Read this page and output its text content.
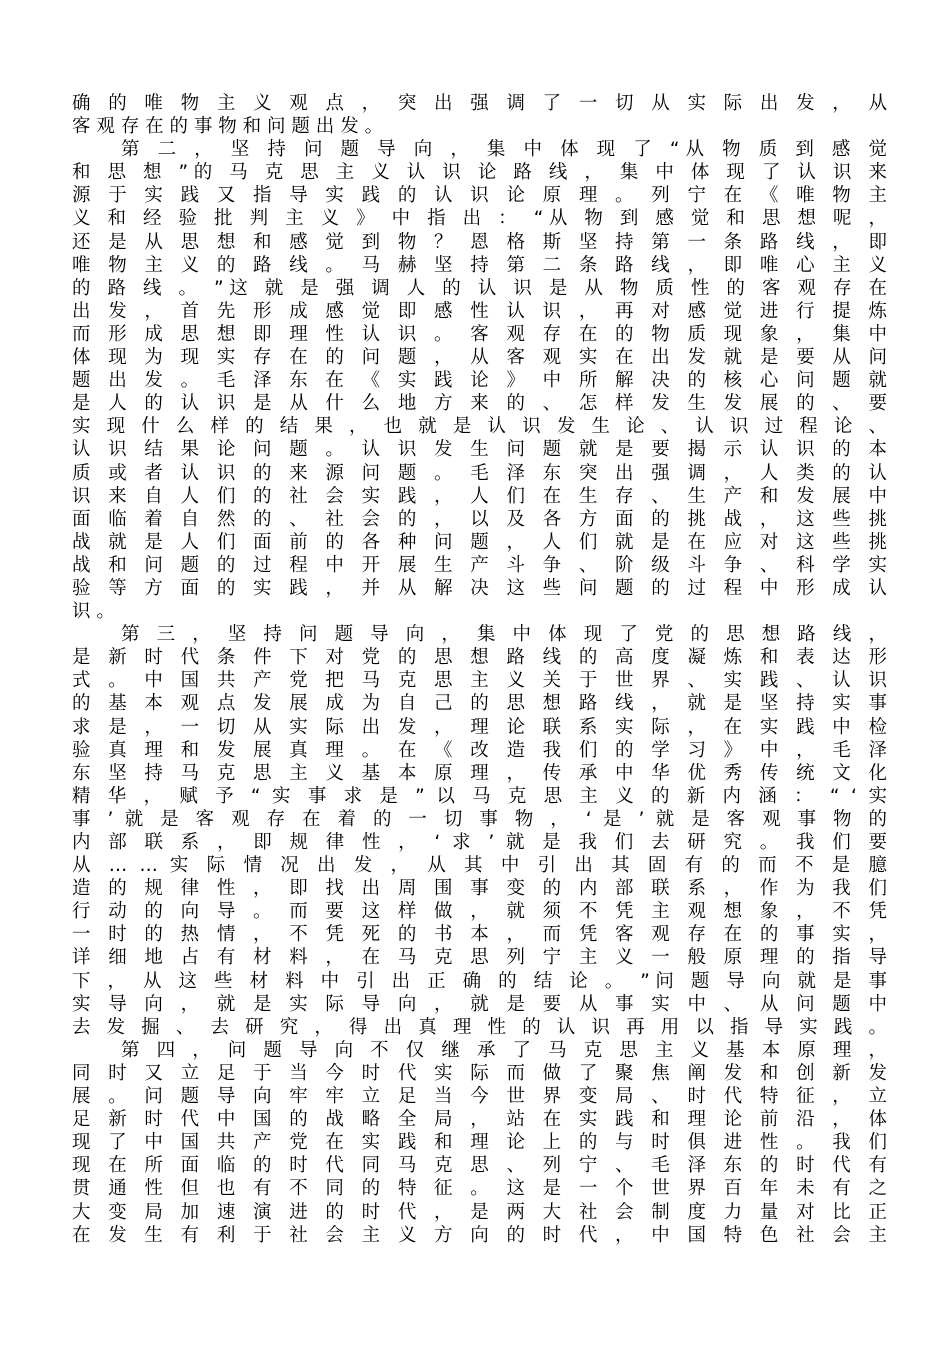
确 的 唯 物 主 义 观 点 ， 突 出 强 调 了 一 切 从 实 际 出 发 ， 从
客 观 存 在 的 事 物 和 问 题 出 发 。
第 二 ， 坚 持 问 题 导 向 ， 集 中 体 现 了 “从 物 质 到 感 觉
和 思 想 ”的 马 克 思 主 义 认 识 论 路 线 ， 集 中 体 现 了 认 识 来
源 于 实 践 又 指 导 实 践 的 认 识 论 原 理 。 列 宁 在 《 唯 物 主
义 和 经 验 批 判 主 义 》 中 指 出 ： “从 物 到 感 觉 和 思 想 呢 ，
还 是 从 思 想 和 感 觉 到 物 ？ 恩 格 斯 坚 持 第 一 条 路 线 ， 即
唯 物 主 义 的 路 线 。 马 赫 坚 持 第 二 条 路 线 ， 即 唯 心 主 义
的 路 线 。 ”这 就 是 强 调 人 的 认 识 是 从 物 质 性 的 客 观 存 在
出 发 ， 首 先 形 成 感 觉 即 感 性 认 识 ， 再 对 感 觉 进 行 提 炼
而 形 成 思 想 即 理 性 认 识 。 客 观 存 在 的 物 质 现 象 ， 集 中
体 现 为 现 实 存 在 的 问 题 ， 从 客 观 实 在 出 发 就 是 要 从 问
题 出 发 。 毛 泽 东 在 《 实 践 论 》 中 所 解 决 的 核 心 问 题 就
是 人 的 认 识 是 从 什 么 地 方 来 的 、 怎 样 发 生 发 展 的 、 要
实 现 什 么 样 的 结 果 ， 也 就 是 认 识 发 生 论 、 认 识 过 程 论 、
认 识 结 果 论 问 题 。 认 识 发 生 问 题 就 是 要 揭 示 认 识 的 本
质 或 者 认 识 的 来 源 问 题 。 毛 泽 东 突 出 强 调 ， 人 类 的 认
识 来 自 人 们 的 社 会 实 践 ， 人 们 在 生 存 、 生 产 和 发 展 中
面 临 着 自 然 的 、 社 会 的 ， 以 及 各 方 面 的 挑 战 ， 这 些 挑
战 就 是 人 们 面 前 的 各 种 问 题 ， 人 们 就 是 在 应 对 这 些 挑
战 和 问 题 的 过 程 中 开 展 生 产 斗 争 、 阶 级 斗 争 、 科 学 实
验 等 方 面 的 实 践 ， 并 从 解 决 这 些 问 题 的 过 程 中 形 成 认
识 。
第 三 ， 坚 持 问 题 导 向 ， 集 中 体 现 了 党 的 思 想 路 线 ，
是 新 时 代 条 件 下 对 党 的 思 想 路 线 的 高 度 凝 炼 和 表 达 形
式 。 中 国 共 产 党 把 马 克 思 主 义 关 于 世 界 、 实 践 、 认 识
的 基 本 观 点 发 展 成 为 自 己 的 思 想 路 线 ， 就 是 坚 持 实 事
求 是 ， 一 切 从 实 际 出 发 ， 理 论 联 系 实 际 ， 在 实 践 中 检
验 真 理 和 发 展 真 理 。 在 《 改 造 我 们 的 学 习 》 中 ， 毛 泽
东 坚 持 马 克 思 主 义 基 本 原 理 ， 传 承 中 华 优 秀 传 统 文 化
精 华 ， 赋 予 “ 实 事 求 是 ” 以 马 克 思 主 义 的 新 内 涵 ： “ ‘ 实
事 ’ 就 是 客 观 存 在 着 的 一 切 事 物 ， ‘ 是 ’ 就 是 客 观 事 物 的
内 部 联 系 ， 即 规 律 性 ， ‘ 求 ’ 就 是 我 们 去 研 究 。 我 们 要
从 … … 实 际 情 况 出 发 ， 从 其 中 引 出 其 固 有 的 而 不 是 臆
造 的 规 律 性 ， 即 找 出 周 围 事 变 的 内 部 联 系 ， 作 为 我 们
行 动 的 向 导 。 而 要 这 样 做 ， 就 须 不 凭 主 观 想 象 ， 不 凭
一 时 的 热 情 ， 不 凭 死 的 书 本 ， 而 凭 客 观 存 在 的 事 实 ，
详 细 地 占 有 材 料 ， 在 马 克 思 列 宁 主 义 一 般 原 理 的 指 导
下 ， 从 这 些 材 料 中 引 出 正 确 的 结 论 。 ”问 题 导 向 就 是 事
实 导 向 ， 就 是 实 际 导 向 ， 就 是 要 从 事 实 中 、 从 问 题 中
去 发 掘 、 去 研 究 ， 得 出 真 理 性 的 认 识 再 用 以 指 导 实 践 。
第 四 ， 问 题 导 向 不 仅 继 承 了 马 克 思 主 义 基 本 原 理 ，
同 时 又 立 足 于 当 今 时 代 实 际 而 做 了 聚 焦 阐 发 和 创 新 发
展 。 问 题 导 向 牢 牢 立 足 当 今 世 界 变 局 、 时 代 特 征 ， 立
足 新 时 代 中 国 的 战 略 全 局 ， 站 在 实 践 和 理 论 前 沿 ， 体
现 了 中 国 共 产 党 在 实 践 和 理 论 上 的 与 时 俱 进 性 。 我 们
现 在 所 面 临 的 时 代 同 马 克 思 、 列 宁 、 毛 泽 东 的 时 代 有
贯 通 性 但 也 有 不 同 的 特 征 。 这 是 一 个 世 界 百 年 未 有 之
大 变 局 加 速 演 进 的 时 代 ， 是 两 大 社 会 制 度 力 量 对 比 正
在 发 生 有 利 于 社 会 主 义 方 向 的 时 代 ， 中 国 特 色 社 会 主
